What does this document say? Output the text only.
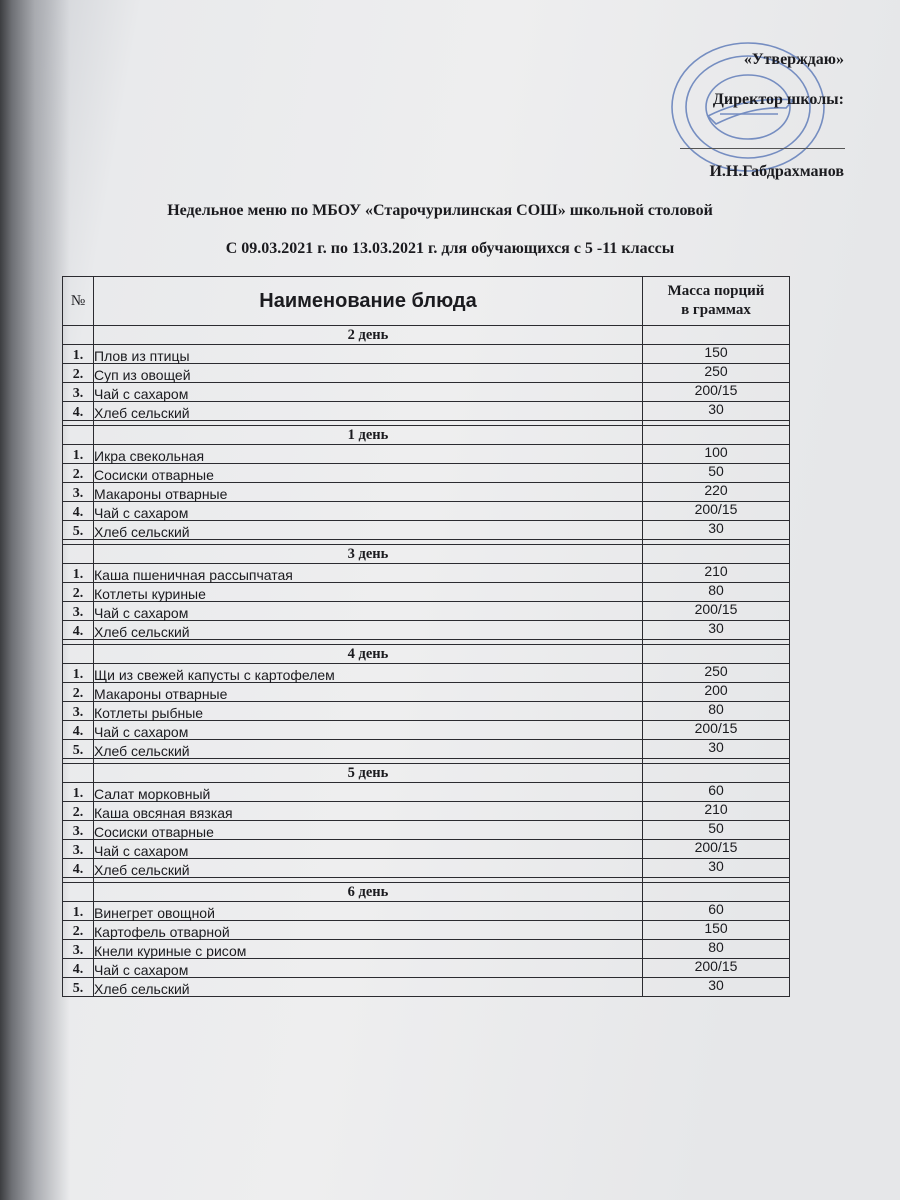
«Утверждаю»
Директор школы:
И.Н.Габдрахманов
Недельное меню по МБОУ «Старочурилинская СОШ» школьной столовой
С 09.03.2021 г. по 13.03.2021 г. для обучающихся с 5 -11 классы
№	Наименование блюда	Масса порций
в граммах
	2 день	
1.	Плов из птицы	150
2.	Суп из овощей	250
3.	Чай с сахаром	200/15
4.	Хлеб сельский	30

	1 день	
1.	Икра свекольная	100
2.	Сосиски отварные	50
3.	Макароны отварные	220
4.	Чай с сахаром	200/15
5.	Хлеб сельский	30

	3 день	
1.	Каша пшеничная рассыпчатая	210
2.	Котлеты куриные	80
3.	Чай с сахаром	200/15
4.	Хлеб сельский	30

	4 день	
1.	Щи из свежей капусты с картофелем	250
2.	Макароны отварные	200
3.	Котлеты рыбные	80
4.	Чай с сахаром	200/15
5.	Хлеб сельский	30

	5 день	
1.	Салат морковный	60
2.	Каша овсяная вязкая	210
3.	Сосиски отварные	50
3.	Чай с сахаром	200/15
4.	Хлеб сельский	30

	6 день	
1.	Винегрет овощной	60
2.	Картофель отварной	150
3.	Кнели куриные с рисом	80
4.	Чай с сахаром	200/15
5.	Хлеб сельский	30
